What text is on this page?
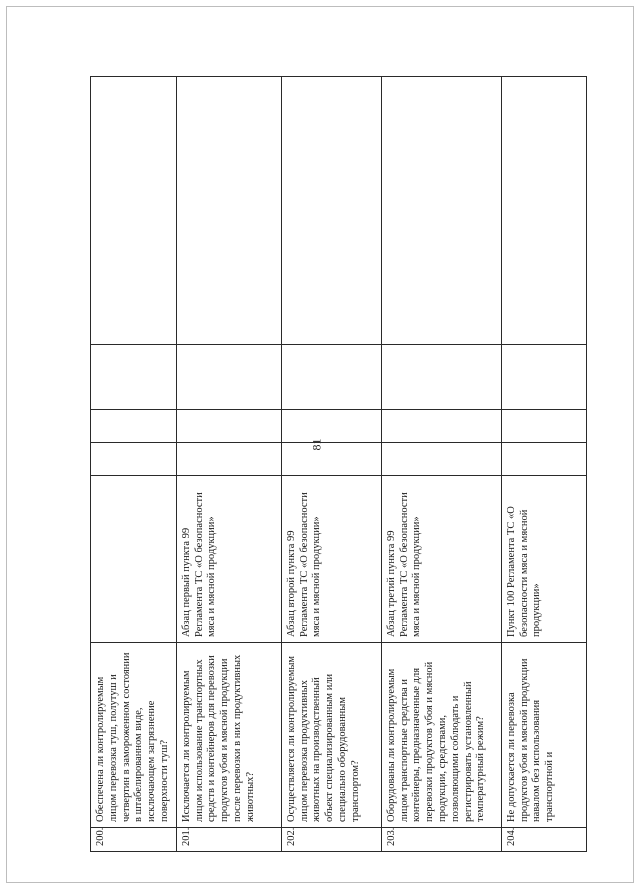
81
200.	Обеспечена ли контролируемым лицом перевозка туш, полутуш и четвертин в замороженном состоянии в штабелированном виде, исключающем загрязнение поверхности туш?					
201.	Исключается ли контролируемым лицом использование транспортных средств и контейнеров для перевозки продуктов убоя и мясной продукции после перевозки в них продуктивных животных?	Абзац первый пункта 99 Регламента ТС «О безопасности мяса и мясной продукции»				
202.	Осуществляется ли контролируемым лицом перевозка продуктивных животных на производственный объект специализированным или специально оборудованным транспортом?	Абзац второй пункта 99 Регламента ТС «О безопасности мяса и мясной продукции»				
203.	Оборудованы ли контролируемым лицом транспортные средства и контейнеры, предназначенные для перевозки продуктов убоя и мясной продукции, средствами, позволяющими соблюдать и регистрировать установленный температурный режим?	Абзац третий пункта 99 Регламента ТС «О безопасности мяса и мясной продукции»				
204.	Не допускается ли перевозка продуктов убоя и мясной продукции навалом без использования транспортной и	Пункт 100 Регламента ТС «О безопасности мяса и мясной продукции»				
